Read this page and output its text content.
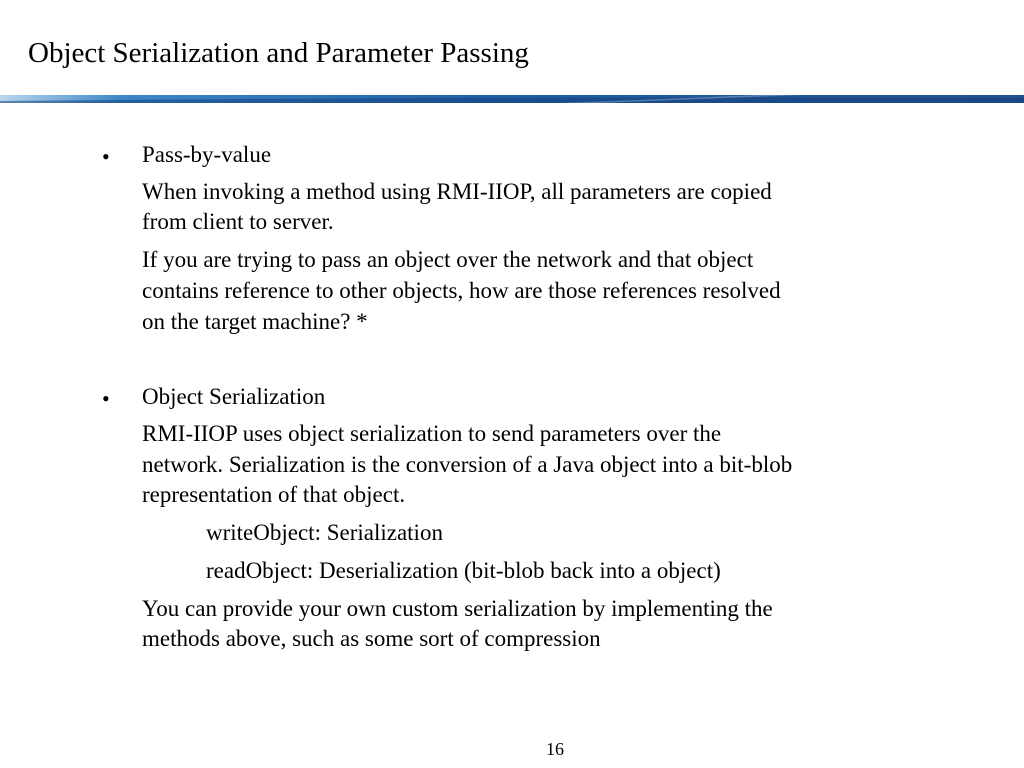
Object Serialization and Parameter Passing
• Pass-by-value
When invoking a method using RMI-IIOP, all parameters are copied
from client to server.
If you are trying to pass an object over the network and that object
contains reference to other objects, how are those references resolved
on the target machine? *
• Object Serialization
RMI-IIOP uses object serialization to send parameters over the
network. Serialization is the conversion of a Java object into a bit-blob
representation of that object.
writeObject: Serialization
readObject: Deserialization (bit-blob back into a object)
You can provide your own custom serialization by implementing the
methods above, such as some sort of compression
16
